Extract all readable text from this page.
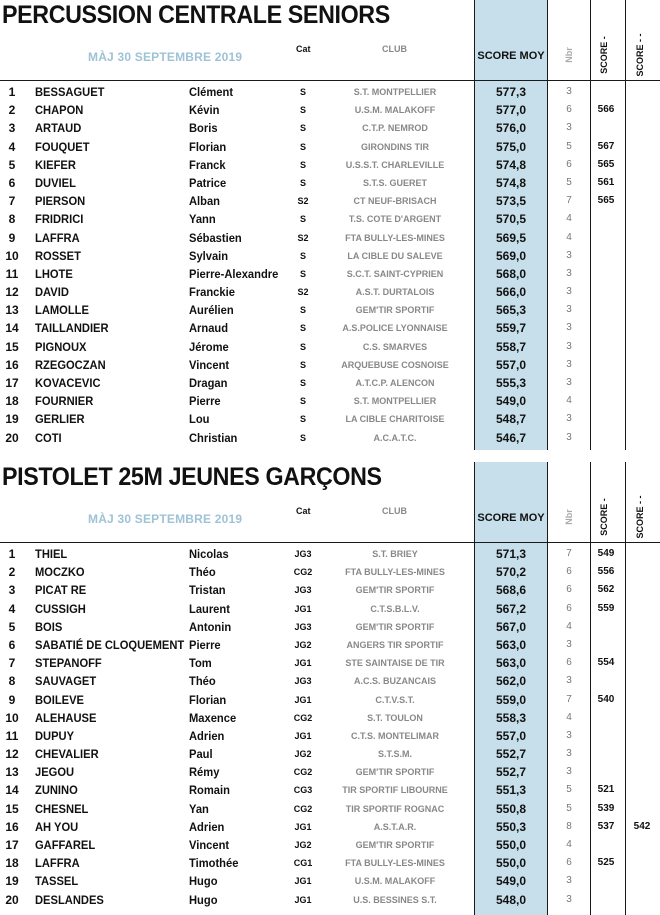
PERCUSSION CENTRALE SENIORS
MÀJ 30 SEPTEMBRE 2019
Cat	CLUB
SCORE MOY Nbr	SCORE -	SCORE - -
1	BESSAGUET	Clément	S	S.T. MONTPELLIER	577,3	3
2	CHAPON	Kévin	S	U.S.M. MALAKOFF	577,0	6	566
3	ARTAUD	Boris	S	C.T.P. NEMROD	576,0	3
4	FOUQUET	Florian	S	GIRONDINS TIR	575,0	5	567
5	KIEFER	Franck	S	U.S.S.T. CHARLEVILLE	574,8	6	565
6	DUVIEL	Patrice	S	S.T.S. GUERET	574,8	5	561
7	PIERSON	Alban	S2	CT NEUF-BRISACH	573,5	7	565
8	FRIDRICI	Yann	S	T.S. COTE D'ARGENT	570,5	4
9	LAFFRA	Sébastien	S2	FTA BULLY-LES-MINES	569,5	4
10 ROSSET	Sylvain	S	LA CIBLE DU SALEVE	569,0	3
11 LHOTE	Pierre-Alexandre	S	S.C.T. SAINT-CYPRIEN	568,0	3
12 DAVID	Franckie	S2	A.S.T. DURTALOIS	566,0	3
13 LAMOLLE	Aurélien	S	GEM'TIR SPORTIF	565,3	3
14 TAILLANDIER	Arnaud	S	A.S.POLICE LYONNAISE	559,7	3
15 PIGNOUX	Jérome	S	C.S. SMARVES	558,7	3
16 RZEGOCZAN	Vincent	S	ARQUEBUSE COSNOISE	557,0	3
17 KOVACEVIC	Dragan	S	A.T.C.P. ALENCON	555,3	3
18 FOURNIER	Pierre	S	S.T. MONTPELLIER	549,0	4
19 GERLIER	Lou	S	LA CIBLE CHARITOISE	548,7	3
20 COTI	Christian	S	A.C.A.T.C.	546,7	3
PISTOLET 25M JEUNES GARÇONS
MÀJ 30 SEPTEMBRE 2019
Cat	CLUB
SCORE MOY Nbr	SCORE -	SCORE - -
1	THIEL	Nicolas	JG3	S.T. BRIEY	571,3	7	549
2	MOCZKO	Théo	CG2	FTA BULLY-LES-MINES	570,2	6	556
3	PICAT RE	Tristan	JG3	GEM'TIR SPORTIF	568,6	6	562
4	CUSSIGH	Laurent	JG1	C.T.S.B.L.V.	567,2	6	559
5	BOIS	Antonin	JG3	GEM'TIR SPORTIF	567,0	4
6	SABATIÉ DE CLOQUEMENT Pierre	JG2	ANGERS TIR SPORTIF	563,0	3
7	STEPANOFF	Tom	JG1	STE SAINTAISE DE TIR	563,0	6	554
8	SAUVAGET	Théo	JG3	A.C.S. BUZANCAIS	562,0	3
9	BOILEVE	Florian	JG1	C.T.V.S.T.	559,0	7	540
10 ALEHAUSE	Maxence	CG2	S.T. TOULON	558,3	4
11 DUPUY	Adrien	JG1	C.T.S. MONTELIMAR	557,0	3
12 CHEVALIER	Paul	JG2	S.T.S.M.	552,7	3
13 JEGOU	Rémy	CG2	GEM'TIR SPORTIF	552,7	3
14 ZUNINO	Romain	CG3	TIR SPORTIF LIBOURNE	551,3	5	521
15 CHESNEL	Yan	CG2	TIR SPORTIF ROGNAC	550,8	5	539
16 AH YOU	Adrien	JG1	A.S.T.A.R.	550,3	8	537	542
17 GAFFAREL	Vincent	JG2	GEM'TIR SPORTIF	550,0	4
18 LAFFRA	Timothée	CG1	FTA BULLY-LES-MINES	550,0	6	525
19 TASSEL	Hugo	JG1	U.S.M. MALAKOFF	549,0	3
20 DESLANDES	Hugo	JG1	U.S. BESSINES S.T.	548,0	3
